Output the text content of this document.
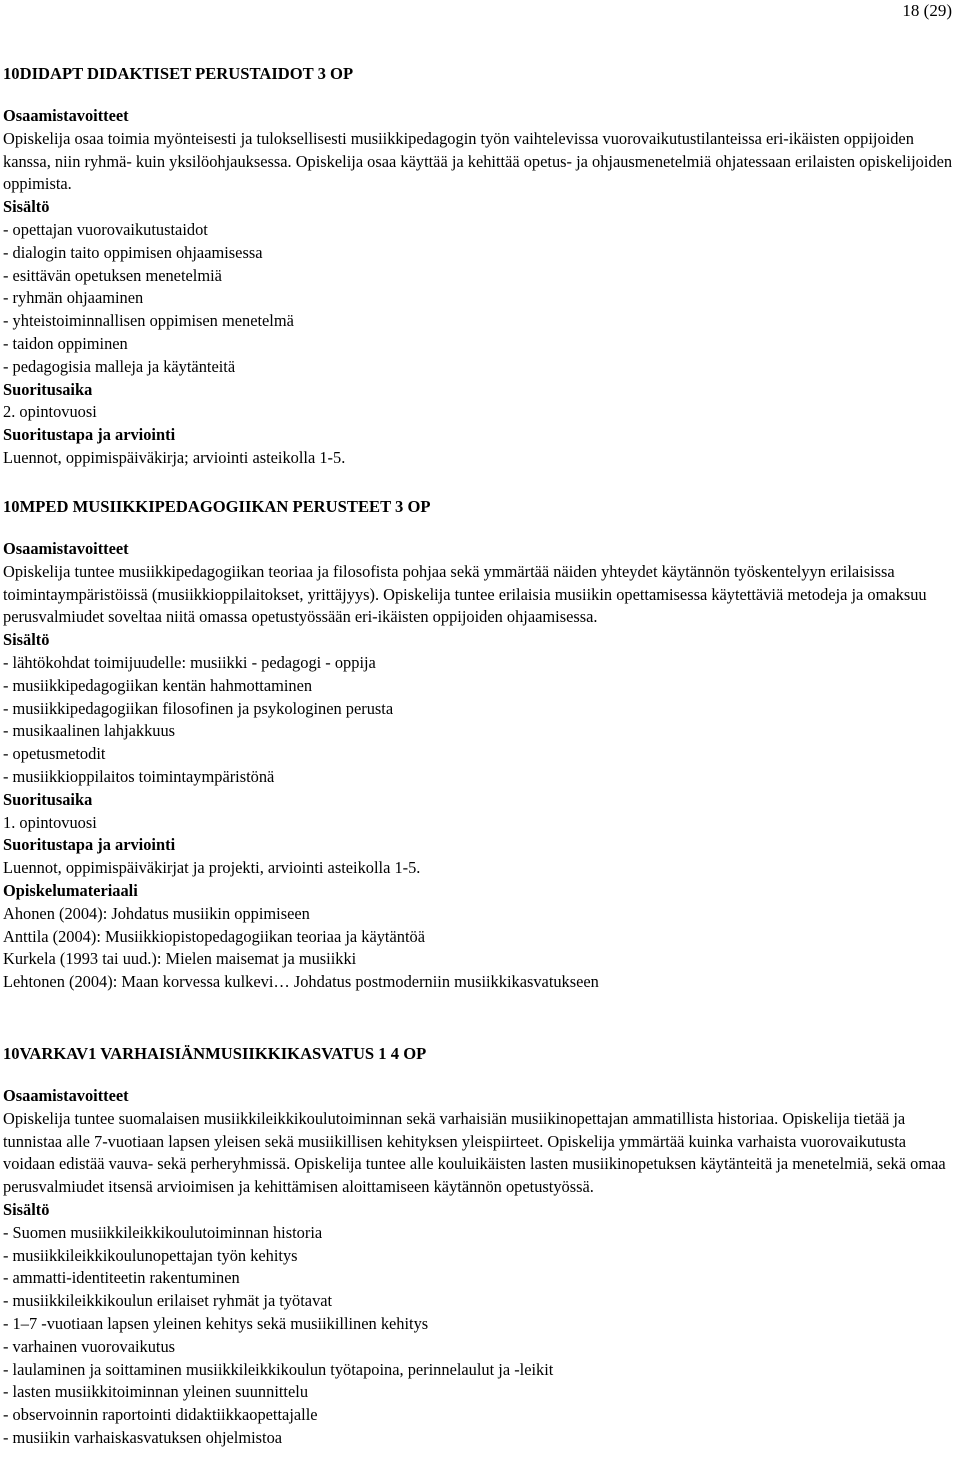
18 (29)

10DIDAPT DIDAKTISET PERUSTAIDOT 3 OP

Osaamistavoitteet

Opiskelija osaa toimia myönteisesti ja tuloksellisesti musiikkipedagogin työn vaihtelevissa vuorovaikutustilanteissa eri-ikäisten oppijoiden kanssa, niin ryhmä- kuin yksilöohjauksessa. Opiskelija osaa käyttää ja kehittää opetus- ja ohjausmenetelmiä ohjatessaan erilaisten opiskelijoiden oppimista.

Sisältö

- opettajan vuorovaikutustaidot
- dialogin taito oppimisen ohjaamisessa
- esittävän opetuksen menetelmiä
- ryhmän ohjaaminen
- yhteistoiminnallisen oppimisen menetelmä
- taidon oppiminen
- pedagogisia malleja ja käytänteitä

Suoritusaika

2. opintovuosi

Suoritustapa ja arviointi

Luennot, oppimispäiväkirja; arviointi asteikolla 1-5.

10MPED MUSIIKKIPEDAGOGIIKAN PERUSTEET 3 OP

Osaamistavoitteet

Opiskelija tuntee musiikkipedagogiikan teoriaa ja filosofista pohjaa sekä ymmärtää näiden yhteydet käytännön työskentelyyn erilaisissa toimintaympäristöissä (musiikkioppilaitokset, yrittäjyys). Opiskelija tuntee erilaisia musiikin opettamisessa käytettäviä metodeja ja omaksuu perusvalmiudet soveltaa niitä omassa opetustyössään eri-ikäisten oppijoiden ohjaamisessa.

Sisältö

- lähtökohdat toimijuudelle: musiikki - pedagogi - oppija
- musiikkipedagogiikan kentän hahmottaminen
- musiikkipedagogiikan filosofinen ja psykologinen perusta
- musikaalinen lahjakkuus
- opetusmetodit
- musiikkioppilaitos toimintaympäristönä

Suoritusaika

1. opintovuosi

Suoritustapa ja arviointi

Luennot, oppimispäiväkirjat ja projekti, arviointi asteikolla 1-5.

Opiskelumateriaali

Ahonen (2004): Johdatus musiikin oppimiseen
Anttila (2004): Musiikkiopistopedagogiikan teoriaa ja käytäntöä
Kurkela (1993 tai uud.): Mielen maisemat ja musiikki
Lehtonen (2004): Maan korvessa kulkevi… Johdatus postmoderniin musiikkikasvatukseen

10VARKAV1 VARHAISIÄNMUSIIKKIKASVATUS 1 4 OP

Osaamistavoitteet

Opiskelija tuntee suomalaisen musiikkileikkikoulutoiminnan sekä varhaisiän musiikinopettajan ammatillista historiaa. Opiskelija tietää ja tunnistaa alle 7-vuotiaan lapsen yleisen sekä musiikillisen kehityksen yleispiirteet. Opiskelija ymmärtää kuinka varhaista vuorovaikutusta voidaan edistää vauva- sekä perheryhmissä. Opiskelija tuntee alle kouluikäisten lasten musiikinopetuksen käytänteitä ja menetelmiä, sekä omaa perusvalmiudet itsensä arvioimisen ja kehittämisen aloittamiseen käytännön opetustyössä.

Sisältö

- Suomen musiikkileikkikoulutoiminnan historia
- musiikkileikkikoulunopettajan työn kehitys
- ammatti-identiteetin rakentuminen
- musiikkileikkikoulun erilaiset ryhmät ja työtavat
- 1–7 -vuotiaan lapsen yleinen kehitys sekä musiikillinen kehitys
- varhainen vuorovaikutus
- laulaminen ja soittaminen musiikkileikkikoulun työtapoina, perinnelaulut ja -leikit
- lasten musiikkitoiminnan yleinen suunnittelu
- observoinnin raportointi didaktiikkaopettajalle
- musiikin varhaiskasvatuksen ohjelmistoa
